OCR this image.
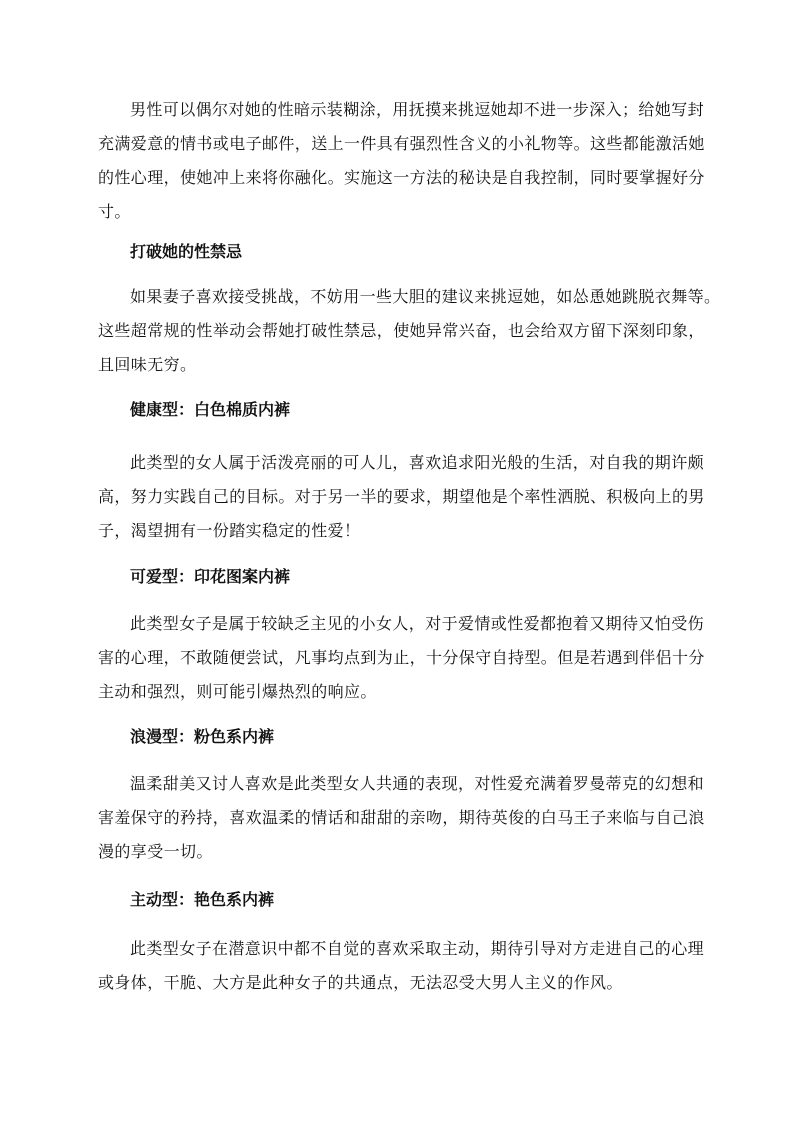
男性可以偶尔对她的性暗示装糊涂，用抚摸来挑逗她却不进一步深入；给她写封
充满爱意的情书或电子邮件，送上一件具有强烈性含义的小礼物等。这些都能激活她
的性心理，使她冲上来将你融化。实施这一方法的秘诀是自我控制，同时要掌握好分
寸。
打破她的性禁忌
如果妻子喜欢接受挑战，不妨用一些大胆的建议来挑逗她，如怂恿她跳脱衣舞等。
这些超常规的性举动会帮她打破性禁忌，使她异常兴奋，也会给双方留下深刻印象，
且回味无穷。
健康型：白色棉质内裤
此类型的女人属于活泼亮丽的可人儿，喜欢追求阳光般的生活，对自我的期许颇
高，努力实践自己的目标。对于另一半的要求，期望他是个率性洒脱、积极向上的男
子，渴望拥有一份踏实稳定的性爱！
可爱型：印花图案内裤
此类型女子是属于较缺乏主见的小女人，对于爱情或性爱都抱着又期待又怕受伤
害的心理，不敢随便尝试，凡事均点到为止，十分保守自持型。但是若遇到伴侣十分
主动和强烈，则可能引爆热烈的响应。
浪漫型：粉色系内裤
温柔甜美又讨人喜欢是此类型女人共通的表现，对性爱充满着罗曼蒂克的幻想和
害羞保守的矜持，喜欢温柔的情话和甜甜的亲吻，期待英俊的白马王子来临与自己浪
漫的享受一切。
主动型：艳色系内裤
此类型女子在潜意识中都不自觉的喜欢采取主动，期待引导对方走进自己的心理
或身体，干脆、大方是此种女子的共通点，无法忍受大男人主义的作风。
